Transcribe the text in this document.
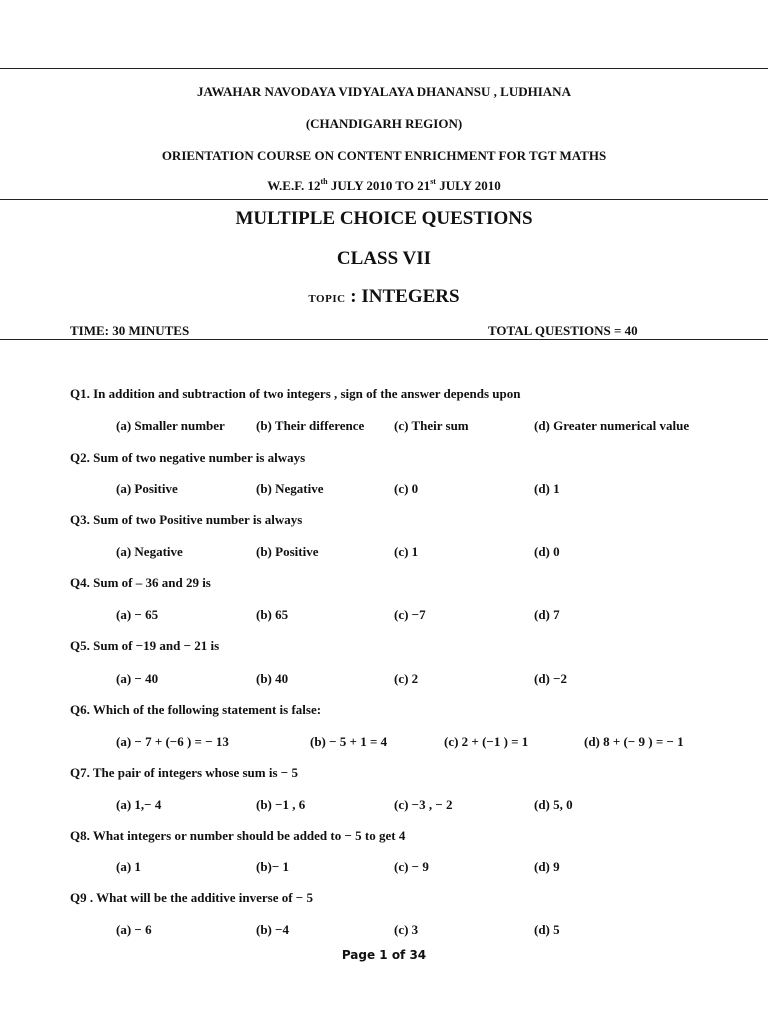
JAWAHAR NAVODAYA VIDYALAYA DHANANSU , LUDHIANA
(CHANDIGARH REGION)
ORIENTATION COURSE ON CONTENT ENRICHMENT FOR TGT MATHS
W.E.F. 12th JULY 2010 TO 21st JULY 2010
MULTIPLE CHOICE QUESTIONS
CLASS VII
TOPIC : INTEGERS
TIME: 30 MINUTES	TOTAL QUESTIONS = 40
Q1. In addition and subtraction of two integers , sign of the answer depends upon
(a) Smaller number (b) Their difference (c) Their sum	(d) Greater numerical value
Q2. Sum of two negative number is always
(a) Positive	(b) Negative	(c) 0	(d) 1
Q3. Sum of two Positive number is always
(a) Negative	(b) Positive	(c) 1	(d) 0
Q4. Sum of – 36 and 29 is
(a) − 65	(b) 65	(c) −7	(d) 7
Q5. Sum of −19 and − 21 is
(a) − 40	(b) 40	(c) 2	(d) −2
Q6. Which of the following statement is false:
(a) − 7 + (−6 ) = − 13	(b) − 5 + 1 = 4	(c) 2 + (−1 ) = 1	(d) 8 + (− 9 ) = − 1
Q7. The pair of integers whose sum is − 5
(a) 1,− 4	(b) −1 , 6	(c) −3 , − 2	(d) 5, 0
Q8. What integers or number should be added to − 5 to get 4
(a) 1	(b)− 1	(c) − 9	(d) 9
Q9 . What will be the additive inverse of − 5
(a) − 6	(b) −4	(c) 3	(d) 5
Page 1 of 34
